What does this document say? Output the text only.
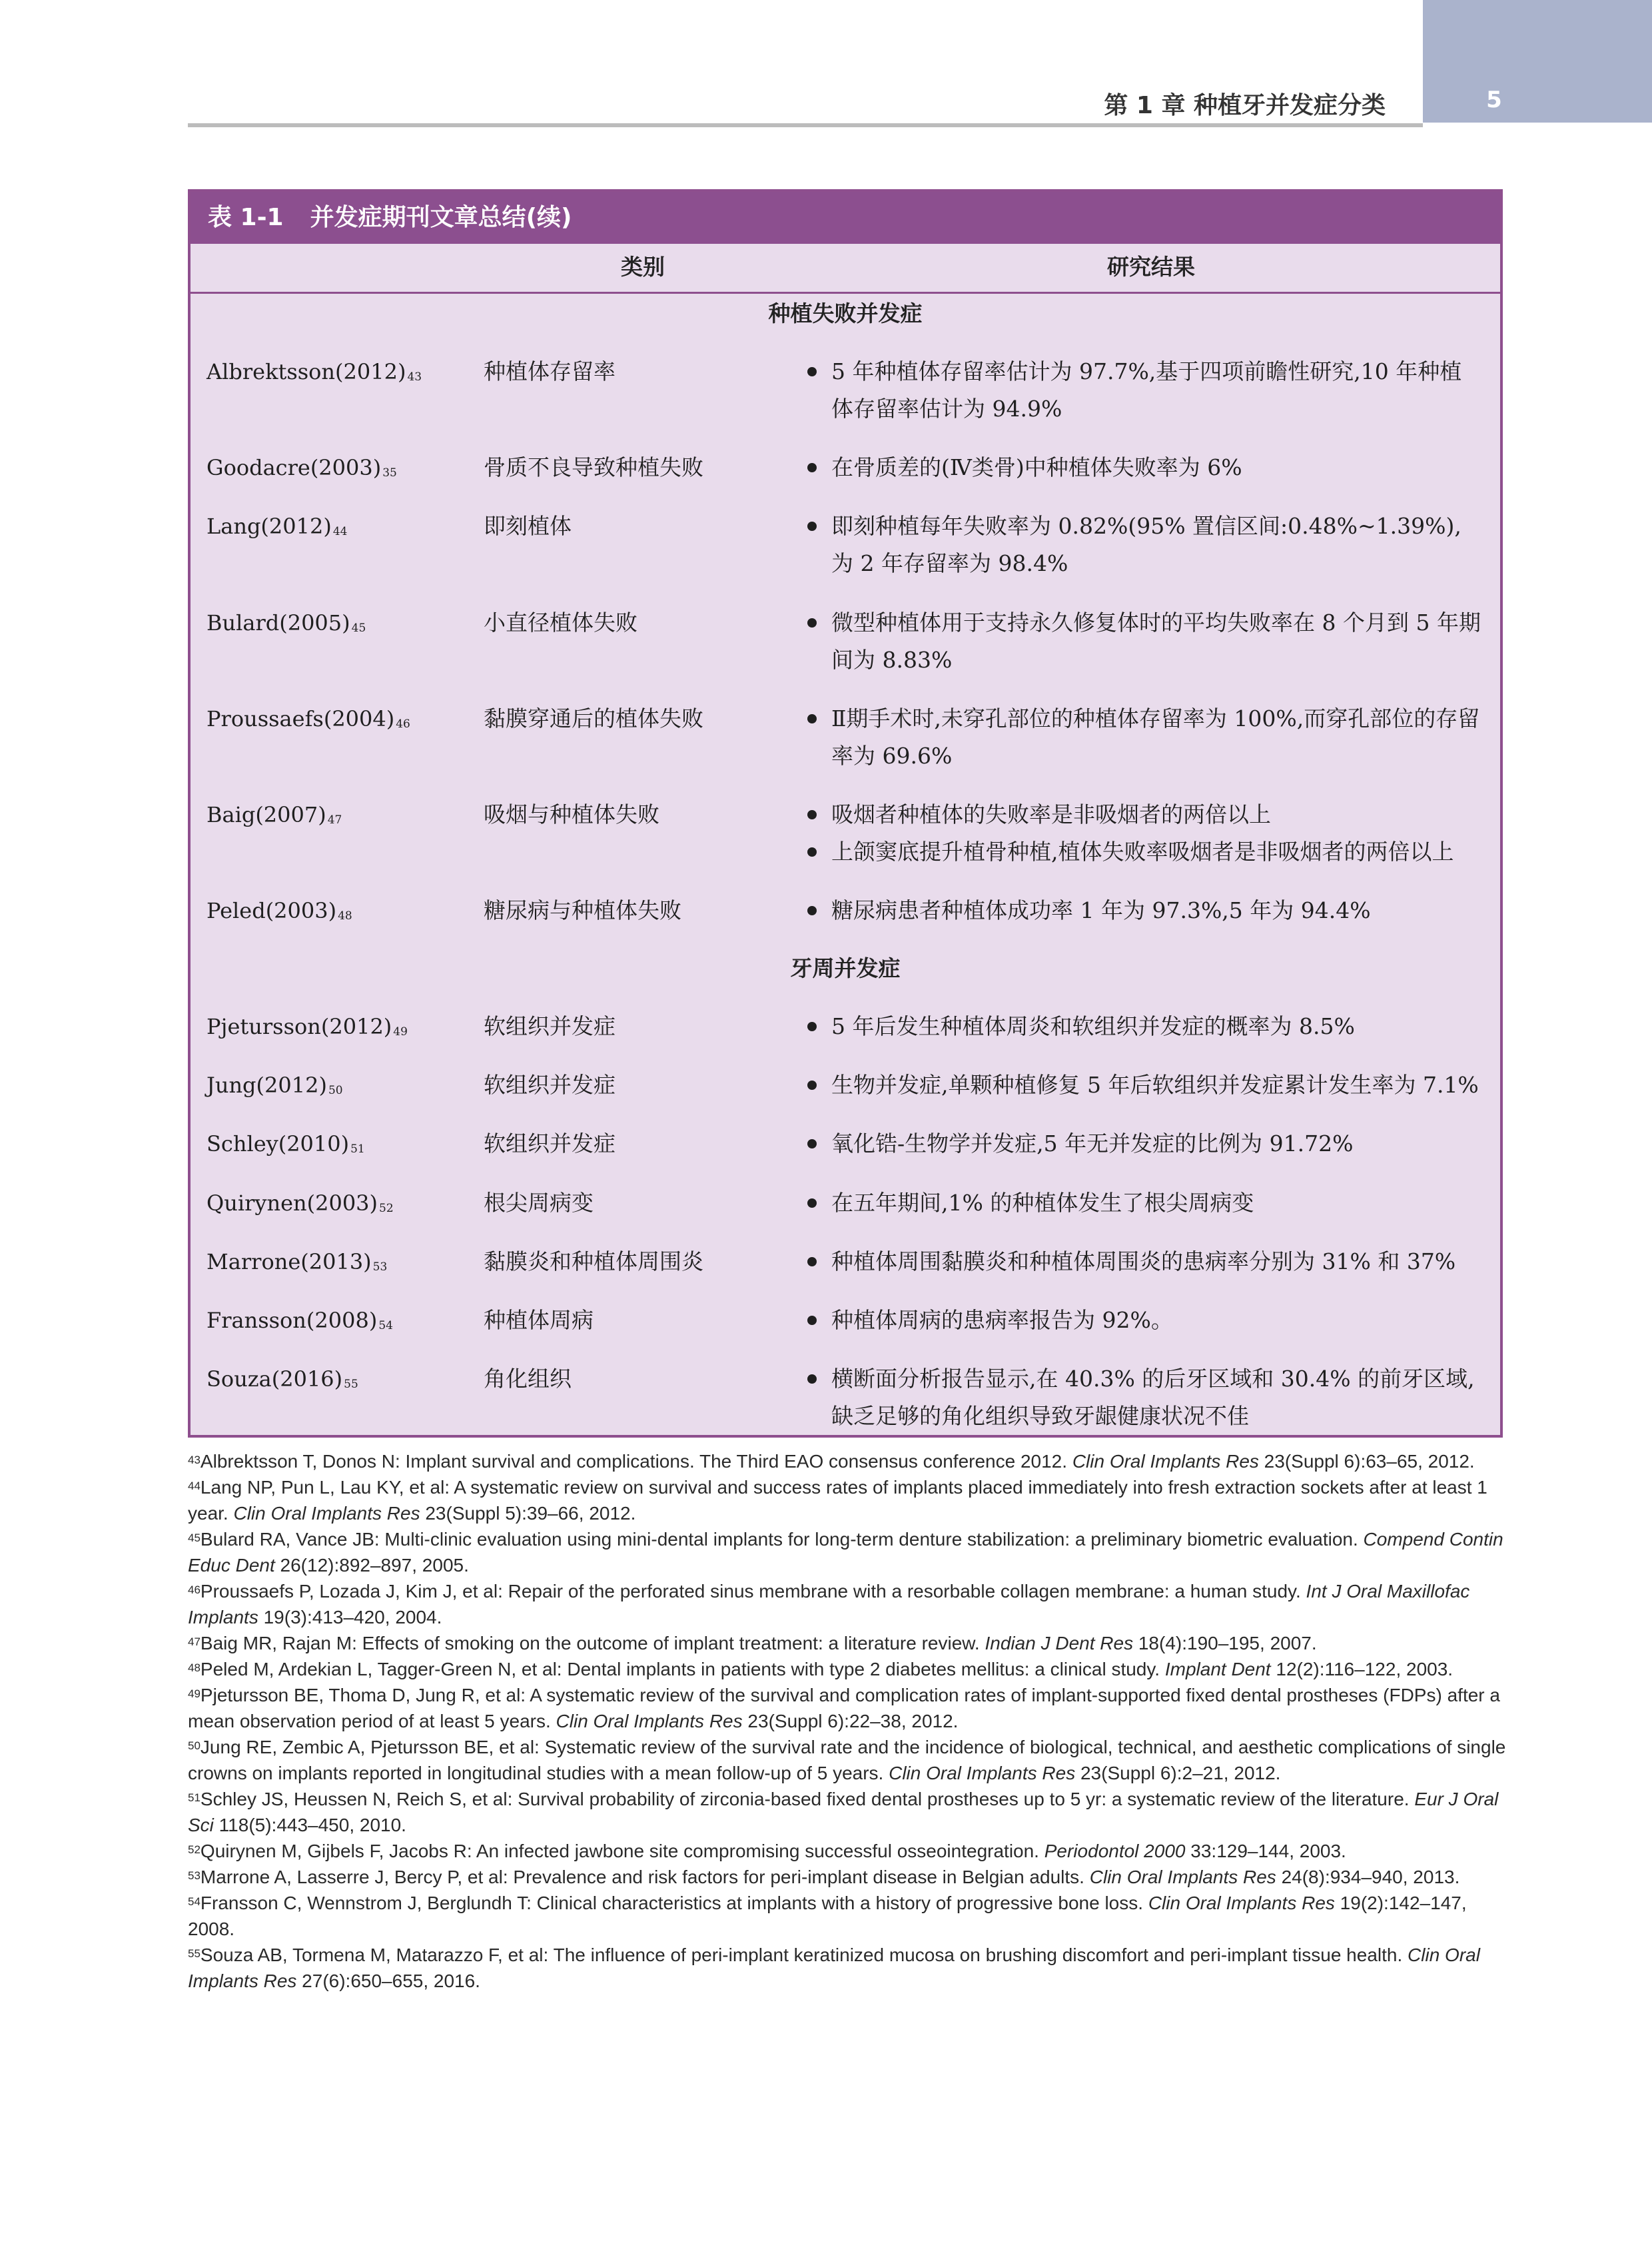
5
第 1 章 种植牙并发症分类
表 1-1 并发症期刊文章总结(续)
类别	研究结果
种植失败并发症
Albrektsson(2012) $^{43}$	种植体存留率	5 年种植体存留率估计为 97.7%,基于四项前瞻性研究,10 年种植体存留率估计为 94.9%
Goodacre(2003) $^{35}$	骨质不良导致种植失败	在骨质差的(Ⅳ类骨)中种植体失败率为 6%
Lang(2012) $^{44}$	即刻植体	即刻种植每年失败率为 0.82%(95% 置信区间:0.48%~1.39%),为 2 年存留率为 98.4%
Bulard(2005) $^{45}$	小直径植体失败	微型种植体用于支持永久修复体时的平均失败率在 8 个月到 5 年期间为 8.83%
Proussaefs(2004) $^{46}$	黏膜穿通后的植体失败	Ⅱ期手术时,未穿孔部位的种植体存留率为 100%,而穿孔部位的存留率为 69.6%
Baig(2007) $^{47}$	吸烟与种植体失败	吸烟者种植体的失败率是非吸烟者的两倍以上
上颌窦底提升植骨种植,植体失败率吸烟者是非吸烟者的两倍以上
Peled(2003) $^{48}$	糖尿病与种植体失败	糖尿病患者种植体成功率 1 年为 97.3%,5 年为 94.4%
牙周并发症
Pjetursson(2012) $^{49}$	软组织并发症	5 年后发生种植体周炎和软组织并发症的概率为 8.5%
Jung(2012) $^{50}$	软组织并发症	生物并发症,单颗种植修复 5 年后软组织并发症累计发生率为 7.1%
Schley(2010) $^{51}$	软组织并发症	氧化锆-生物学并发症,5 年无并发症的比例为 91.72%
Quirynen(2003) $^{52}$	根尖周病变	在五年期间,1% 的种植体发生了根尖周病变
Marrone(2013) $^{53}$	黏膜炎和种植体周围炎	种植体周围黏膜炎和种植体周围炎的患病率分别为 31% 和 37%
Fransson(2008) $^{54}$	种植体周病	种植体周病的患病率报告为 92%。
Souza(2016) $^{55}$	角化组织	横断面分析报告显示,在 40.3% 的后牙区域和 30.4% 的前牙区域,缺乏足够的角化组织导致牙龈健康状况不佳

$^{43}$Albrektsson T, Donos N: Implant survival and complications. The Third EAO consensus conference 2012. Clin Oral Implants Res 23(Suppl 6):63–65, 2012.

$^{44}$Lang NP, Pun L, Lau KY, et al: A systematic review on survival and success rates of implants placed immediately into fresh extraction sockets after at least 1 year. Clin Oral Implants Res 23(Suppl 5):39–66, 2012.

$^{45}$Bulard RA, Vance JB: Multi-clinic evaluation using mini-dental implants for long-term denture stabilization: a preliminary biometric evaluation. Compend Contin Educ Dent 26(12):892–897, 2005.

$^{46}$Proussaefs P, Lozada J, Kim J, et al: Repair of the perforated sinus membrane with a resorbable collagen membrane: a human study. Int J Oral Maxillofac Implants 19(3):413–420, 2004.

$^{47}$Baig MR, Rajan M: Effects of smoking on the outcome of implant treatment: a literature review. Indian J Dent Res 18(4):190–195, 2007.

$^{48}$Peled M, Ardekian L, Tagger-Green N, et al: Dental implants in patients with type 2 diabetes mellitus: a clinical study. Implant Dent 12(2):116–122, 2003.

$^{49}$Pjetursson BE, Thoma D, Jung R, et al: A systematic review of the survival and complication rates of implant-supported fixed dental prostheses (FDPs) after a mean observation period of at least 5 years. Clin Oral Implants Res 23(Suppl 6):22–38, 2012.

$^{50}$Jung RE, Zembic A, Pjetursson BE, et al: Systematic review of the survival rate and the incidence of biological, technical, and aesthetic complications of single crowns on implants reported in longitudinal studies with a mean follow-up of 5 years. Clin Oral Implants Res 23(Suppl 6):2–21, 2012.

$^{51}$Schley JS, Heussen N, Reich S, et al: Survival probability of zirconia-based fixed dental prostheses up to 5 yr: a systematic review of the literature. Eur J Oral Sci 118(5):443–450, 2010.

$^{52}$Quirynen M, Gijbels F, Jacobs R: An infected jawbone site compromising successful osseointegration. Periodontol 2000 33:129–144, 2003.

$^{53}$Marrone A, Lasserre J, Bercy P, et al: Prevalence and risk factors for peri-implant disease in Belgian adults. Clin Oral Implants Res 24(8):934–940, 2013.

$^{54}$Fransson C, Wennstrom J, Berglundh T: Clinical characteristics at implants with a history of progressive bone loss. Clin Oral Implants Res 19(2):142–147, 2008.

$^{55}$Souza AB, Tormena M, Matarazzo F, et al: The influence of peri-implant keratinized mucosa on brushing discomfort and peri-implant tissue health. Clin Oral Implants Res 27(6):650–655, 2016.
